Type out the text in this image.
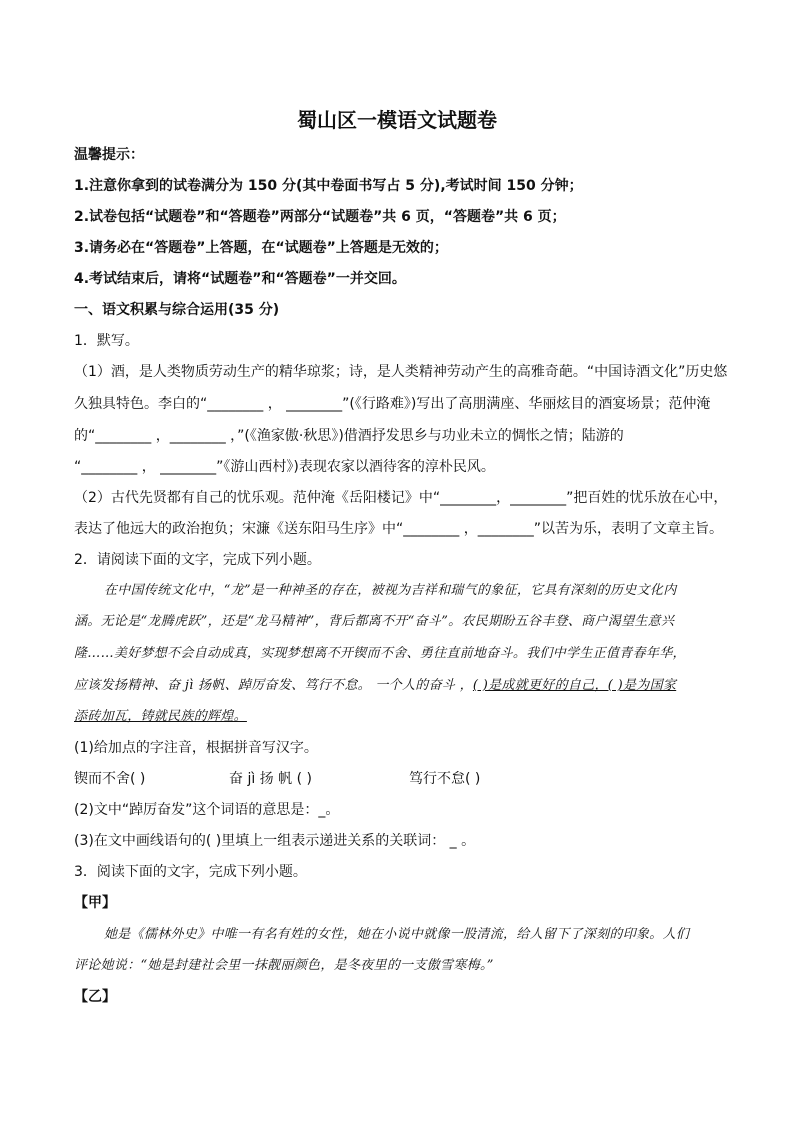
蜀山区一模语文试题卷
温馨提示：
1.注意你拿到的试卷满分为 150 分(其中卷面书写占 5 分),考试时间 150 分钟；
2.试卷包括“试题卷”和“答题卷”两部分“试题卷”共 6 页，“答题卷”共 6 页；
3.请务必在“答题卷”上答题，在“试题卷”上答题是无效的；
4.考试结束后，请将“试题卷”和“答题卷”一并交回。
一、语文积累与综合运用(35 分)
1．默写。
（1）酒，是人类物质劳动生产的精华琼浆；诗，是人类精神劳动产生的高雅奇葩。“中国诗酒文化”历史悠
久独具特色。李白的“________ ， ________”(《行路难》)写出了高朋满座、华丽炫目的酒宴场景；范仲淹
的“________ ，________ ，”(《渔家傲·秋思》)借酒抒发思乡与功业未立的惆怅之情；陆游的
“________ ， ________”《游山西村》)表现农家以酒待客的淳朴民风。
（2）古代先贤都有自己的忧乐观。范仲淹《岳阳楼记》中“________，________”把百姓的忧乐放在心中，
表达了他远大的政治抱负；宋濂《送东阳马生序》中“________ ，________”以苦为乐，表明了文章主旨。
2．请阅读下面的文字，完成下列小题。
在中国传统文化中，“龙”是一种神圣的存在，被视为吉祥和瑞气的象征，它具有深刻的历史文化内
涵。无论是“龙腾虎跃”，还是“龙马精神”，背后都离不开“奋斗”。农民期盼五谷丰登、商户渴望生意兴
隆……美好梦想不会自动成真，实现梦想离不开锲而不舍、勇往直前地奋斗。我们中学生正值青春年华，
应该发扬精神、奋 jì 扬帆、踔厉奋发、笃行不怠。 一个人的奋斗 ，( )是成就更好的自己，( )是为国家
添砖加瓦，铸就民族的辉煌。
(1)给加点的字注音，根据拼音写汉字。
锲而不舍( )	奋 jì 扬 帆 ( )	笃行不怠( )
(2)文中“踔厉奋发”这个词语的意思是：_。
(3)在文中画线语句的( )里填上一组表示递进关系的关联词： _ 。
3．阅读下面的文字，完成下列小题。
【甲】
她是《儒林外史》中唯一有名有姓的女性，她在小说中就像一股清流，给人留下了深刻的印象。人们
评论她说：“她是封建社会里一抹靓丽颜色，是冬夜里的一支傲雪寒梅。”
【乙】
